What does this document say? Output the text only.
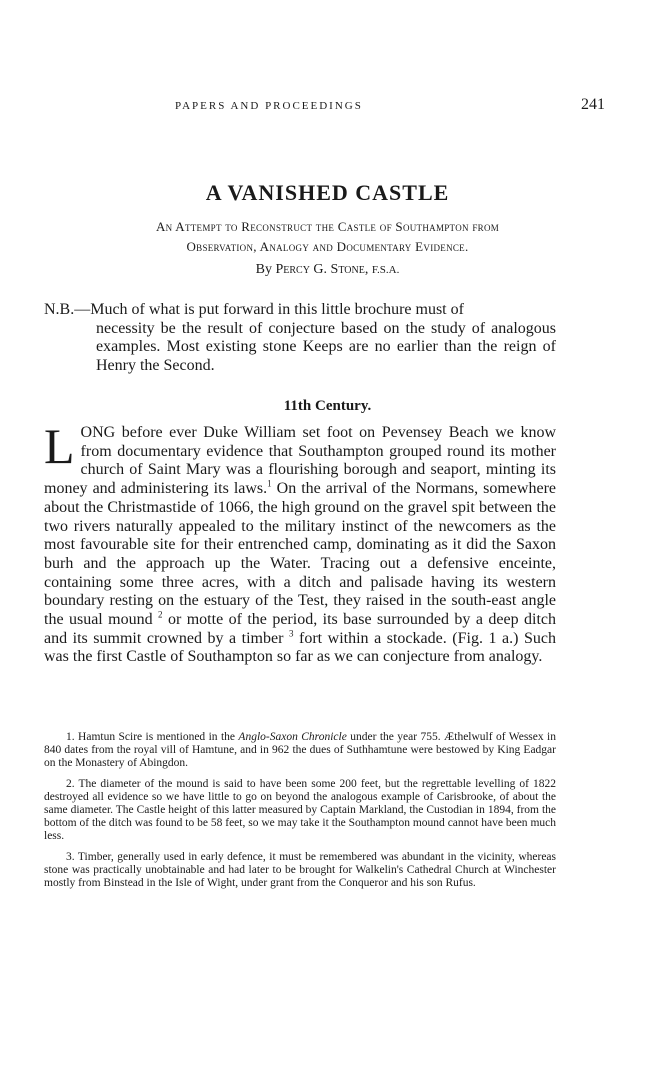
PAPERS AND PROCEEDINGS	241
A VANISHED CASTLE
An Attempt to Reconstruct the Castle of Southampton from
Observation, Analogy and Documentary Evidence.
By Percy G. Stone, F.S.A.
N.B.—Much of what is put forward in this little brochure must of
necessity be the result of conjecture based on the study of analogous examples. Most existing stone Keeps are no earlier than the reign of Henry the Second.
11th Century.

LONG before ever Duke William set foot on Pevensey Beach we know from documentary evidence that Southampton grouped round its mother church of Saint Mary was a flourishing borough and seaport, minting its money and administering its laws.$^1$ On the arrival of the Normans, somewhere about the Christmastide of 1066, the high ground on the gravel spit between the two rivers naturally appealed to the military instinct of the newcomers as the most favourable site for their entrenched camp, dominating as it did the Saxon burh and the approach up the Water. Tracing out a defensive enceinte, containing some three acres, with a ditch and palisade having its western boundary resting on the estuary of the Test, they raised in the south-east angle the usual mound $^2$ or motte of the period, its base surrounded by a deep ditch and its summit crowned by a timber $^3$ fort within a stockade. (Fig. 1 a.) Such was the first Castle of Southampton so far as we can conjecture from analogy.

1. Hamtun Scire is mentioned in the Anglo-Saxon Chronicle under the year 755. Æthelwulf of Wessex in 840 dates from the royal vill of Hamtune, and in 962 the dues of Suthhamtune were bestowed by King Eadgar on the Monastery of Abingdon.

2. The diameter of the mound is said to have been some 200 feet, but the regrettable levelling of 1822 destroyed all evidence so we have little to go on beyond the analogous example of Carisbrooke, of about the same diameter. The Castle height of this latter measured by Captain Markland, the Custodian in 1894, from the bottom of the ditch was found to be 58 feet, so we may take it the Southampton mound cannot have been much less.

3. Timber, generally used in early defence, it must be remembered was abundant in the vicinity, whereas stone was practically unobtainable and had later to be brought for Walkelin's Cathedral Church at Winchester mostly from Binstead in the Isle of Wight, under grant from the Conqueror and his son Rufus.
